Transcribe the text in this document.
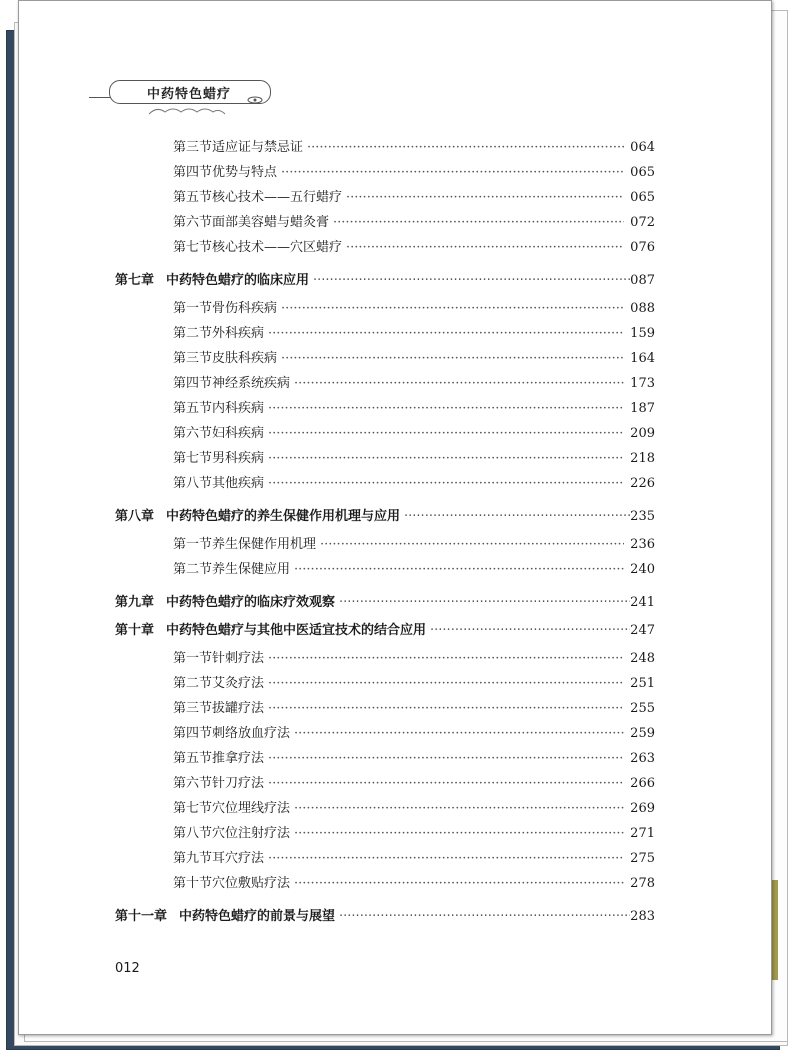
中药特色蜡疗
第三节 适应证与禁忌证 ·····	064
第四节 优势与特点 ·····	065
第五节 核心技术——五行蜡疗 ·····	065
第六节 面部美容蜡与蜡灸膏 ·····	072
第七节 核心技术——穴区蜡疗 ·····	076
第七章 中药特色蜡疗的临床应用 ·····	087
第一节 骨伤科疾病 ·····	088
第二节 外科疾病 ·····	159
第三节 皮肤科疾病 ·····	164
第四节 神经系统疾病 ·····	173
第五节 内科疾病 ·····	187
第六节 妇科疾病 ·····	209
第七节 男科疾病 ·····	218
第八节 其他疾病 ·····	226
第八章 中药特色蜡疗的养生保健作用机理与应用 ·····	235
第一节 养生保健作用机理 ·····	236
第二节 养生保健应用 ·····	240
第九章 中药特色蜡疗的临床疗效观察 ·····	241
第十章 中药特色蜡疗与其他中医适宜技术的结合应用 ·····	247
第一节 针刺疗法 ·····	248
第二节 艾灸疗法 ·····	251
第三节 拔罐疗法 ·····	255
第四节 刺络放血疗法 ·····	259
第五节 推拿疗法 ·····	263
第六节 针刀疗法 ·····	266
第七节 穴位埋线疗法 ·····	269
第八节 穴位注射疗法 ·····	271
第九节 耳穴疗法 ·····	275
第十节 穴位敷贴疗法 ·····	278
第十一章 中药特色蜡疗的前景与展望 ·····	283
012
